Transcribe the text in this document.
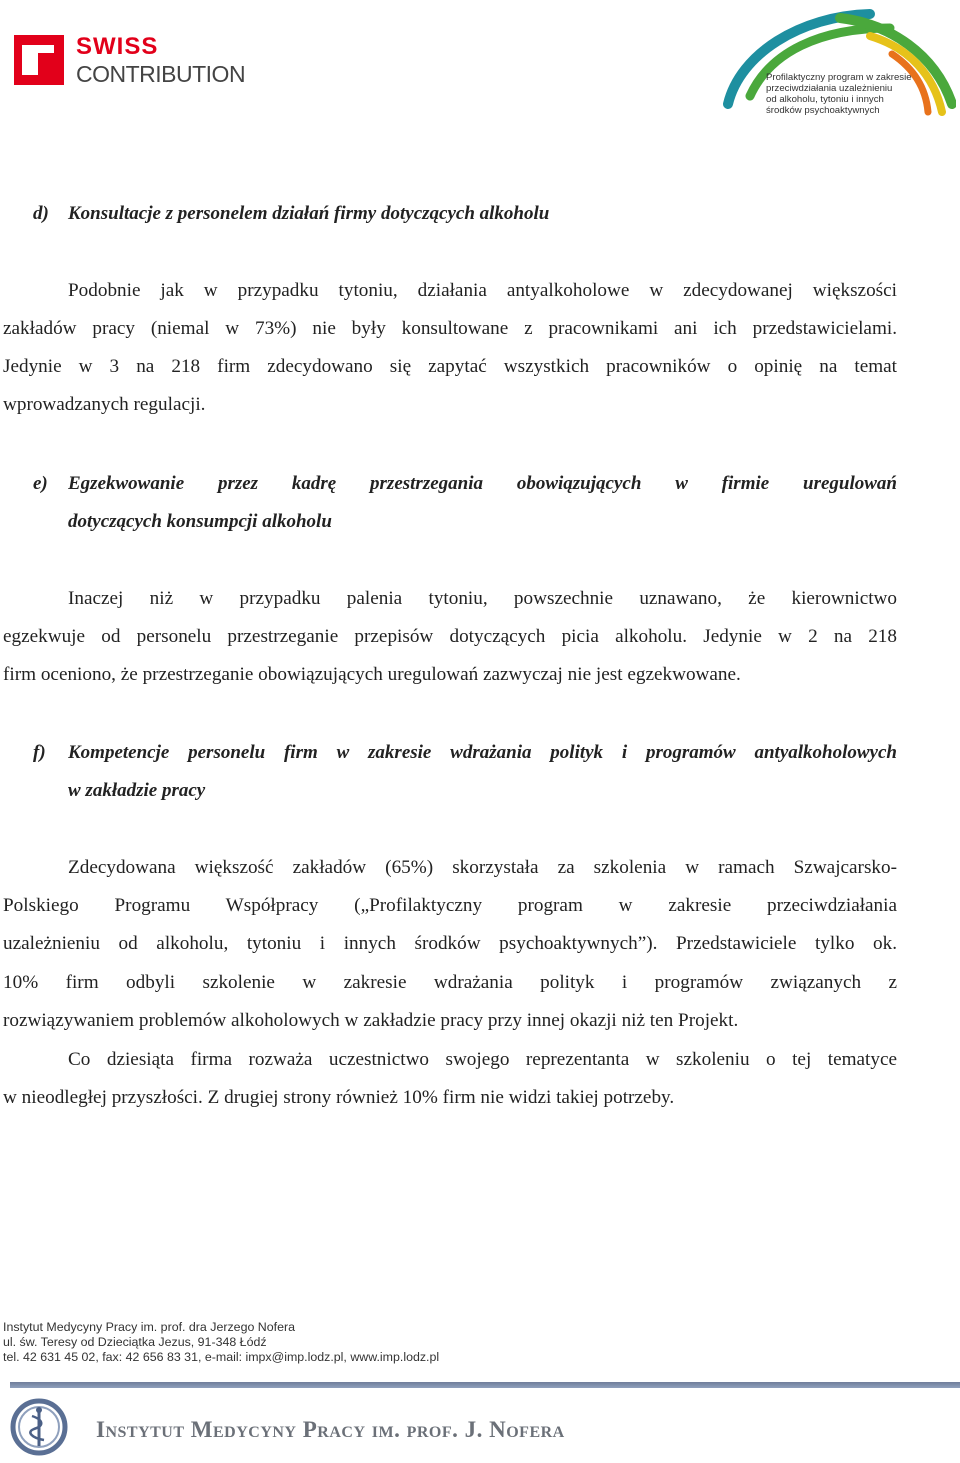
SWISS
CONTRIBUTION	Profilaktyczny program w zakresie
przeciwdziałania uzależnieniu
od alkoholu, tytoniu i innych
środków psychoaktywnych
d) Konsultacje z personelem działań firmy dotyczących alkoholu
Podobnie jak w przypadku tytoniu, działania antyalkoholowe w zdecydowanej większości
zakładów pracy (niemal w 73%) nie były konsultowane z pracownikami ani ich przedstawicielami.
Jedynie w 3 na 218 firm zdecydowano się zapytać wszystkich pracowników o opinię na temat
wprowadzanych regulacji.
e) Egzekwowanie przez kadrę przestrzegania obowiązujących w firmie uregulowań
dotyczących konsumpcji alkoholu
Inaczej niż w przypadku palenia tytoniu, powszechnie uznawano, że kierownictwo
egzekwuje od personelu przestrzeganie przepisów dotyczących picia alkoholu. Jedynie w 2 na 218
firm oceniono, że przestrzeganie obowiązujących uregulowań zazwyczaj nie jest egzekwowane.
f) Kompetencje personelu firm w zakresie wdrażania polityk i programów antyalkoholowych
w zakładzie pracy
Zdecydowana większość zakładów (65%) skorzystała za szkolenia w ramach Szwajcarsko-
Polskiego Programu Współpracy („Profilaktyczny program w zakresie przeciwdziałania
uzależnieniu od alkoholu, tytoniu i innych środków psychoaktywnych”). Przedstawiciele tylko ok.
10% firm odbyli szkolenie w zakresie wdrażania polityk i programów związanych z
rozwiązywaniem problemów alkoholowych w zakładzie pracy przy innej okazji niż ten Projekt.
Co dziesiąta firma rozważa uczestnictwo swojego reprezentanta w szkoleniu o tej tematyce
w nieodległej przyszłości. Z drugiej strony również 10% firm nie widzi takiej potrzeby.
Instytut Medycyny Pracy im. prof. dra Jerzego Nofera
ul. św. Teresy od Dzieciątka Jezus, 91-348 Łódź
tel. 42 631 45 02, fax: 42 656 83 31, e-mail: impx@imp.lodz.pl, www.imp.lodz.pl
Instytut Medycyny Pracy im. prof. J. Nofera
